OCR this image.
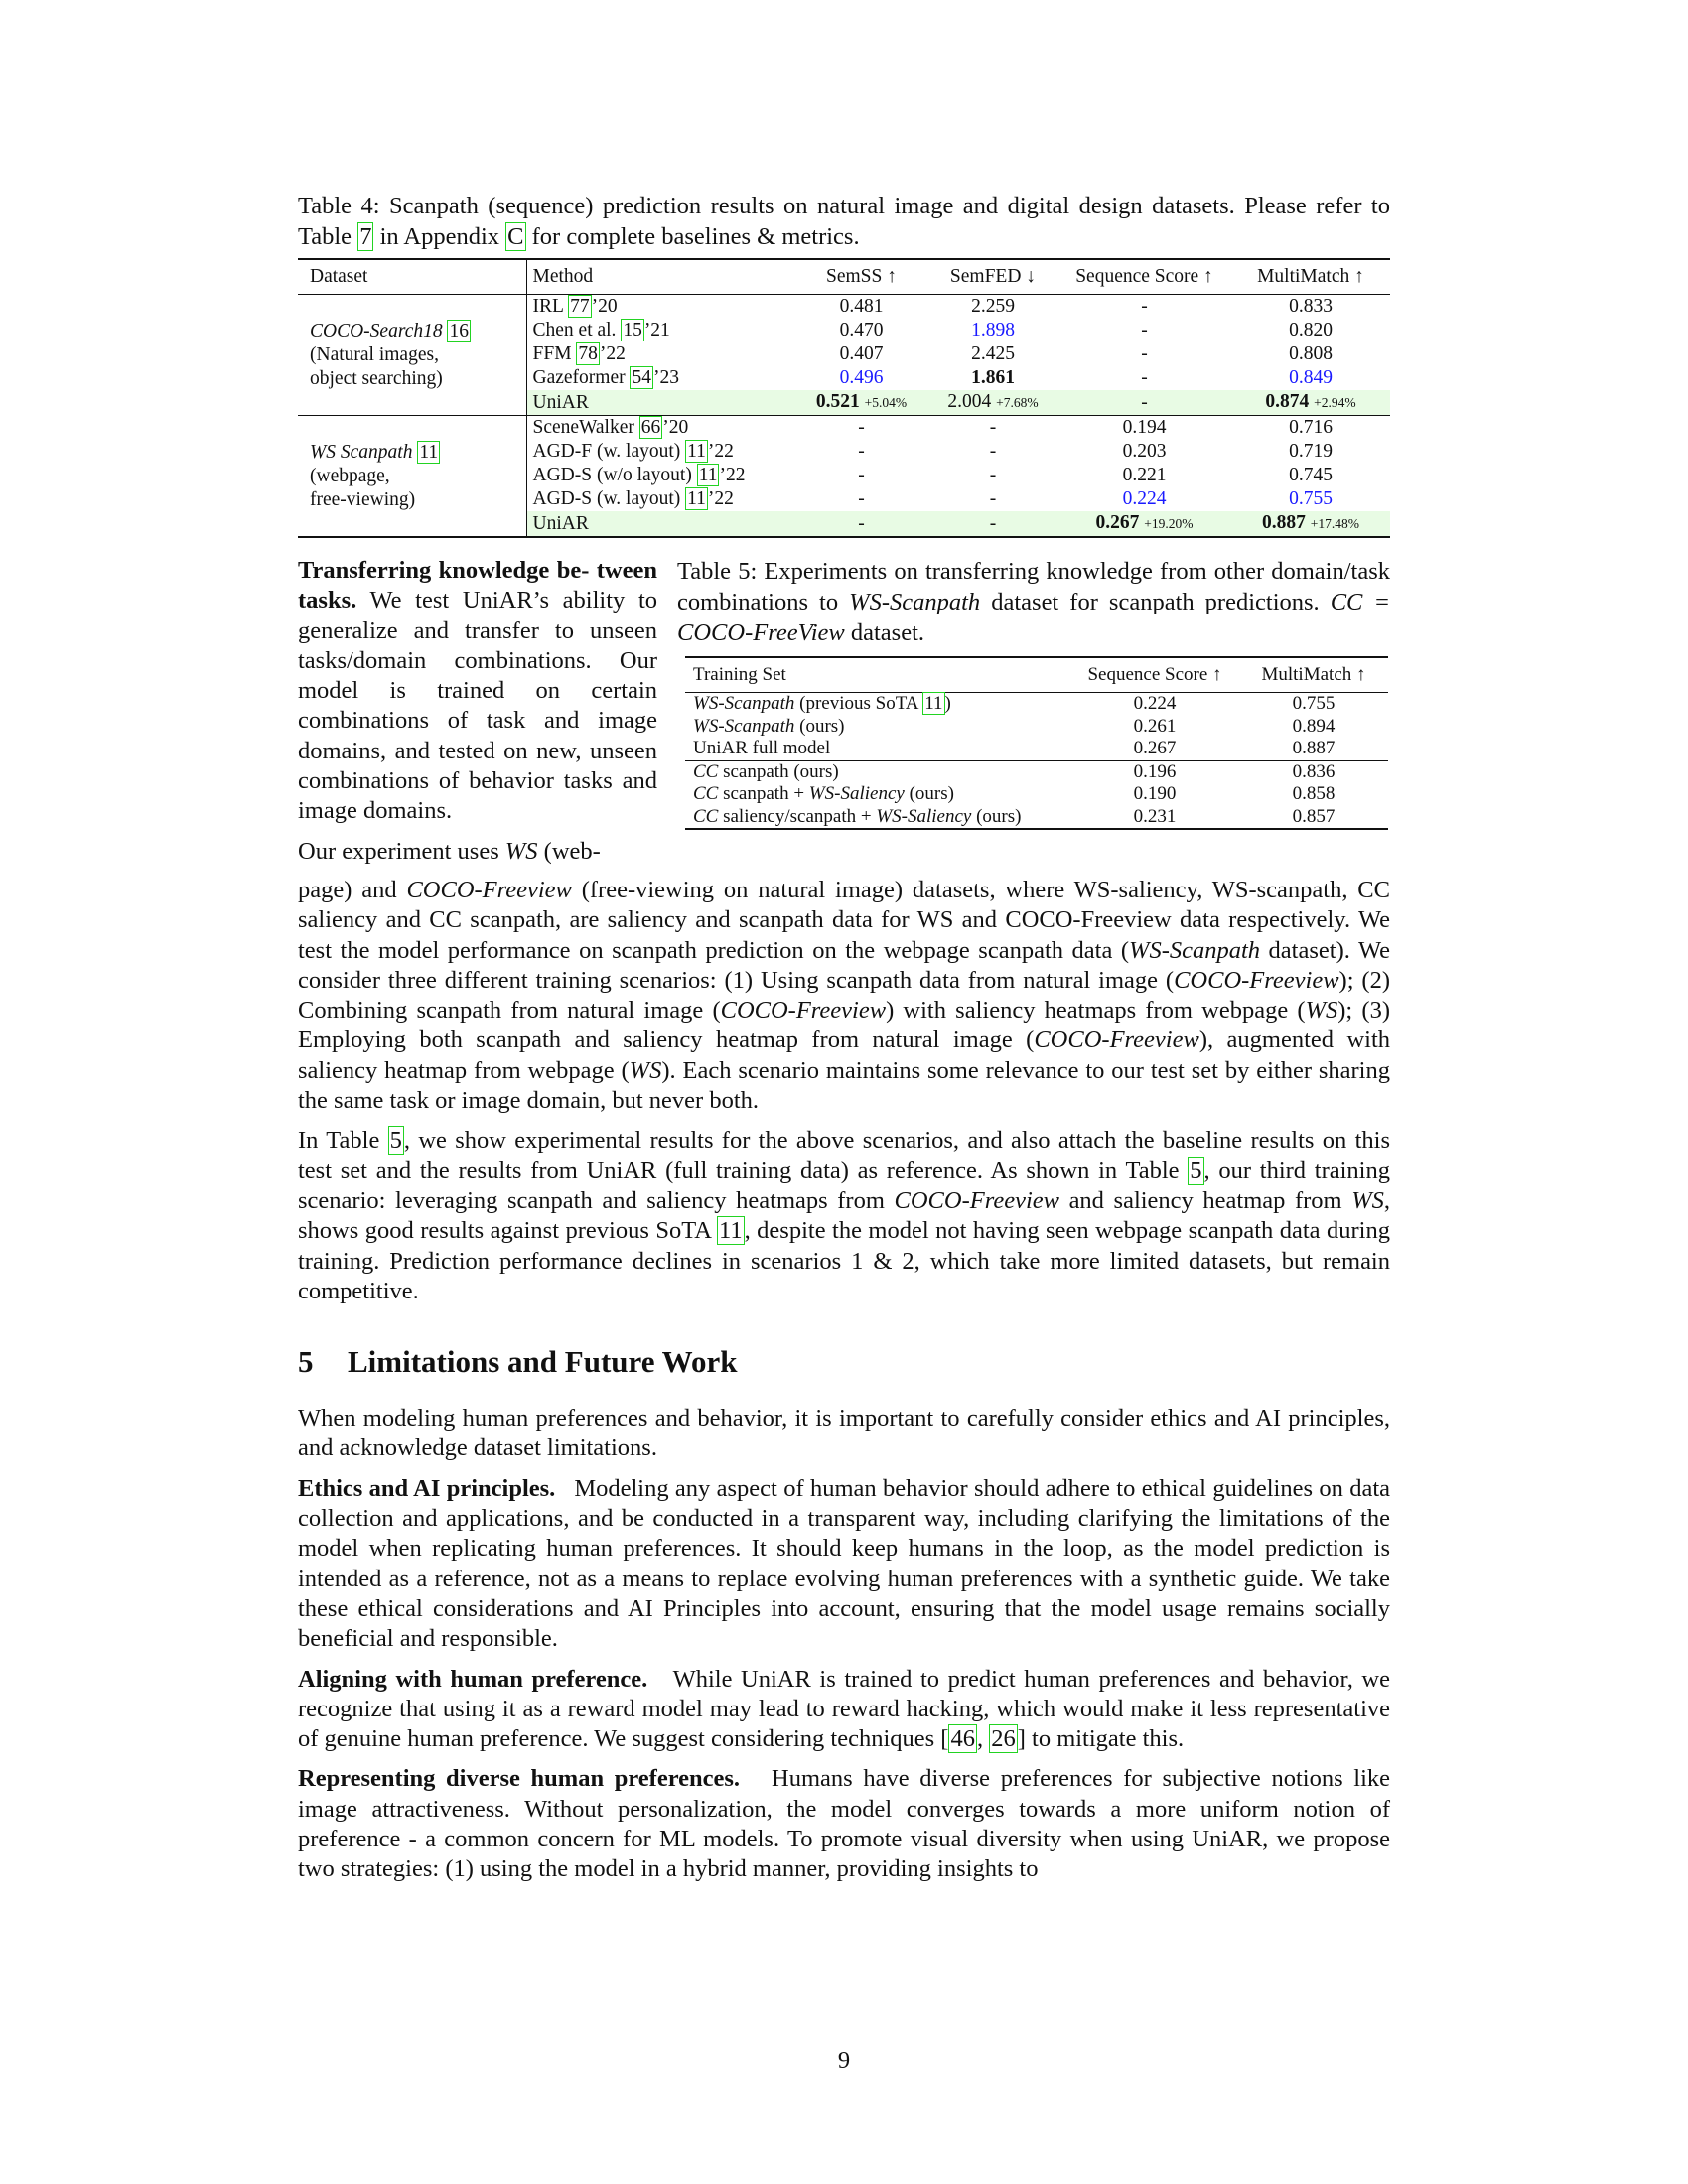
Table 4: Scanpath (sequence) prediction results on natural image and digital design datasets. Please refer to Table 7 in Appendix C for complete baselines & metrics.

Dataset	Method	SemSS ↑	SemFED ↓	Sequence Score ↑	MultiMatch ↑
COCO-Search18 16
(Natural images,
object searching)	IRL 77 ’20	0.481	2.259	-	0.833
	Chen et al. 15 ’21	0.470	1.898	-	0.820
	FFM 78 ’22	0.407	2.425	-	0.808
	Gazeformer 54 ’23	0.496	1.861	-	0.849
	UniAR	0.521 +5.04%	2.004 +7.68%	-	0.874 +2.94%
WS Scanpath 11
(webpage,
free-viewing)	SceneWalker 66 ’20	-	-	0.194	0.716
	AGD-F (w. layout) 11 ’22	-	-	0.203	0.719
	AGD-S (w/o layout) 11 ’22	-	-	0.221	0.745
	AGD-S (w. layout) 11 ’22	-	-	0.224	0.755
	UniAR	-	-	0.267 +19.20%	0.887 +17.48%

Transferring knowledge be- tween tasks. We test UniAR’s ability to generalize and transfer to unseen tasks/domain combinations. Our model is trained on certain combinations of task and image domains, and tested on new, unseen combinations of behavior tasks and image domains.

Our experiment uses WS (web-

Table 5: Experiments on transferring knowledge from other domain/task combinations to WS-Scanpath dataset for scanpath predictions. CC = COCO-FreeView dataset.

Training Set	Sequence Score ↑	MultiMatch ↑
WS-Scanpath (previous SoTA 11 )	0.224	0.755
WS-Scanpath (ours)	0.261	0.894
UniAR full model	0.267	0.887
CC scanpath (ours)	0.196	0.836
CC scanpath + WS-Saliency (ours)	0.190	0.858
CC saliency/scanpath + WS-Saliency (ours)	0.231	0.857

page) and COCO-Freeview (free-viewing on natural image) datasets, where WS-saliency, WS-scanpath, CC saliency and CC scanpath, are saliency and scanpath data for WS and COCO-Freeview data respectively. We test the model performance on scanpath prediction on the webpage scanpath data (WS-Scanpath dataset). We consider three different training scenarios: (1) Using scanpath data from natural image (COCO-Freeview); (2) Combining scanpath from natural image (COCO-Freeview) with saliency heatmaps from webpage (WS); (3) Employing both scanpath and saliency heatmap from natural image (COCO-Freeview), augmented with saliency heatmap from webpage (WS). Each scenario maintains some relevance to our test set by either sharing the same task or image domain, but never both.

In Table 5, we show experimental results for the above scenarios, and also attach the baseline results on this test set and the results from UniAR (full training data) as reference. As shown in Table 5, our third training scenario: leveraging scanpath and saliency heatmaps from COCO-Freeview and saliency heatmap from WS, shows good results against previous SoTA 11, despite the model not having seen webpage scanpath data during training. Prediction performance declines in scenarios 1 & 2, which take more limited datasets, but remain competitive.

5 Limitations and Future Work

When modeling human preferences and behavior, it is important to carefully consider ethics and AI principles, and acknowledge dataset limitations.

Ethics and AI principles. Modeling any aspect of human behavior should adhere to ethical guidelines on data collection and applications, and be conducted in a transparent way, including clarifying the limitations of the model when replicating human preferences. It should keep humans in the loop, as the model prediction is intended as a reference, not as a means to replace evolving human preferences with a synthetic guide. We take these ethical considerations and AI Principles into account, ensuring that the model usage remains socially beneficial and responsible.

Aligning with human preference. While UniAR is trained to predict human preferences and behavior, we recognize that using it as a reward model may lead to reward hacking, which would make it less representative of genuine human preference. We suggest considering techniques [46, 26] to mitigate this.

Representing diverse human preferences. Humans have diverse preferences for subjective notions like image attractiveness. Without personalization, the model converges towards a more uniform notion of preference - a common concern for ML models. To promote visual diversity when using UniAR, we propose two strategies: (1) using the model in a hybrid manner, providing insights to

9
